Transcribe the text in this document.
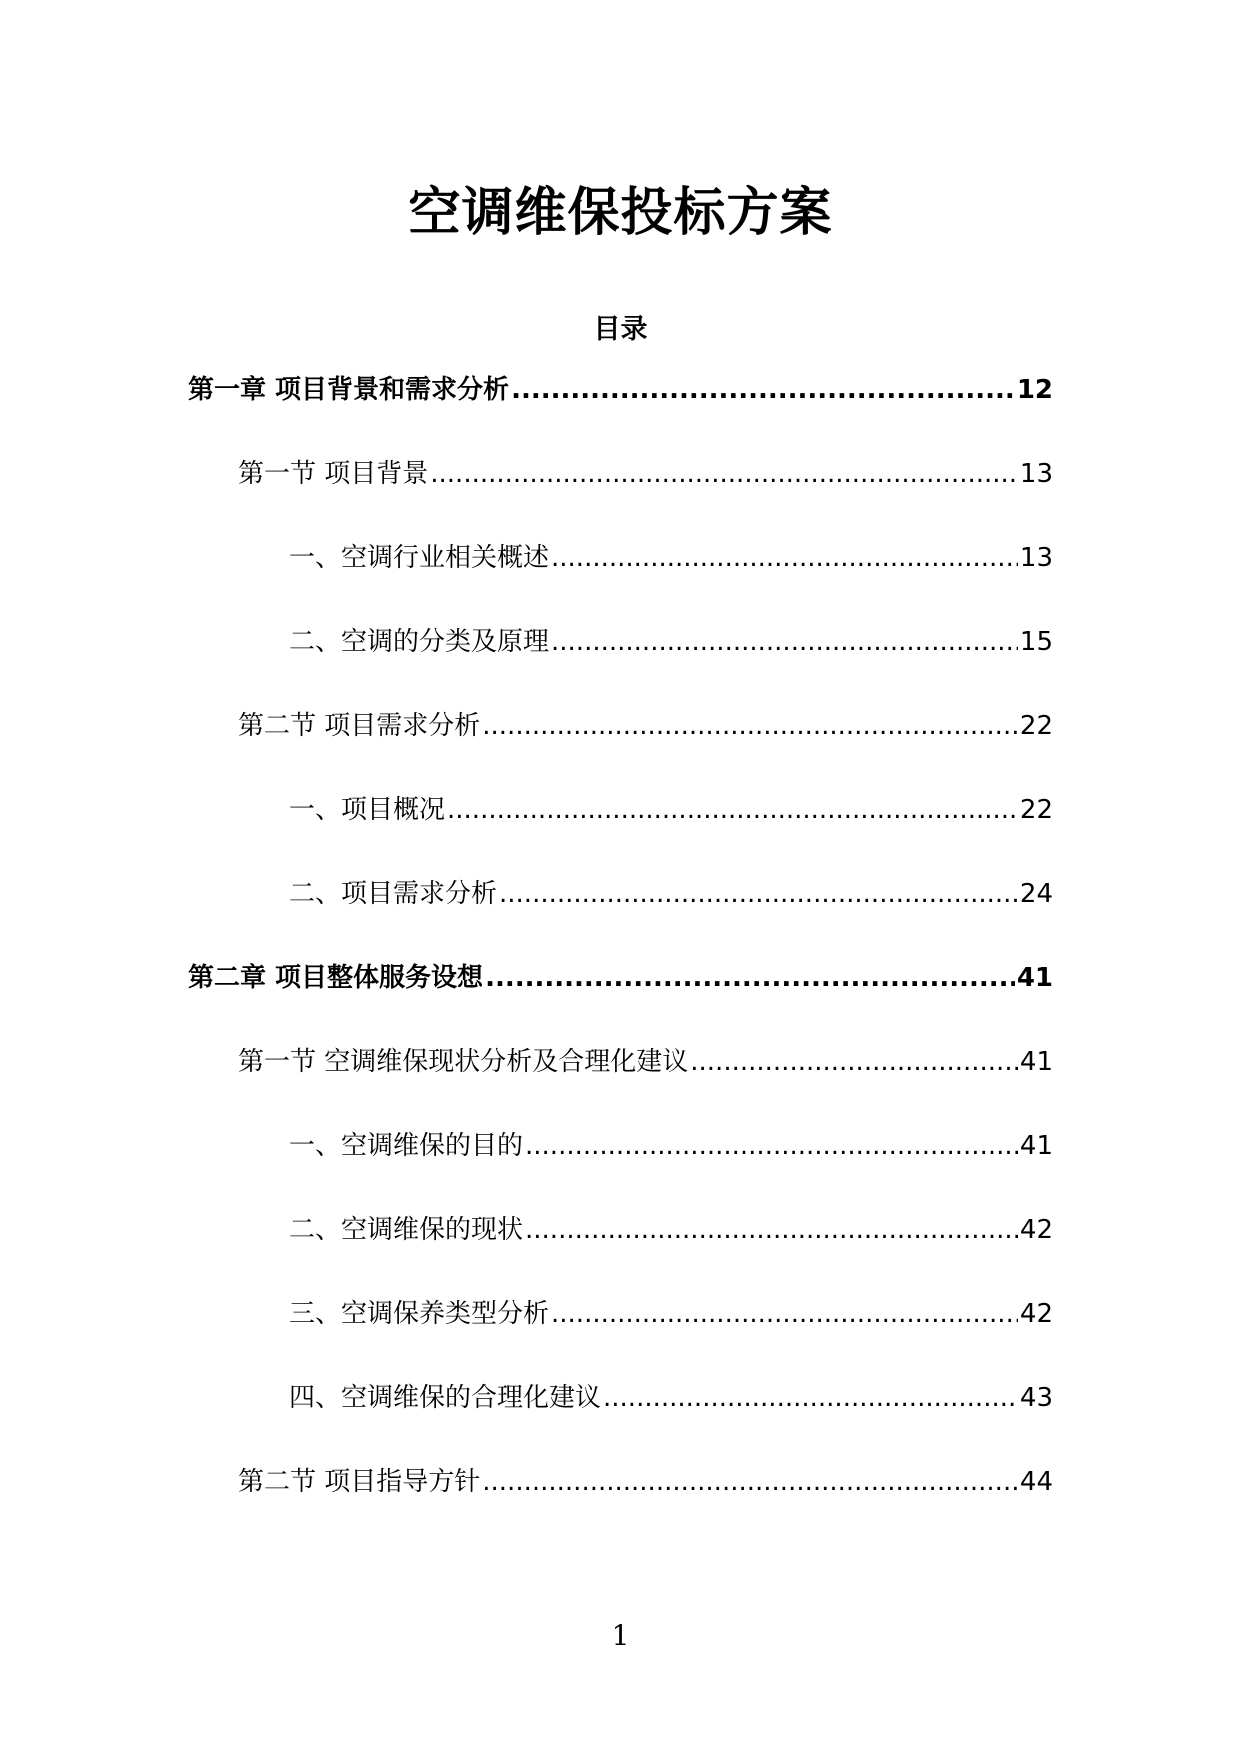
空调维保投标方案
目录
第一章 项目背景和需求分析 .....	12
第一节 项目背景 .....	13
一、空调行业相关概述 .....	13
二、空调的分类及原理 .....	15
第二节 项目需求分析 .....	22
一、项目概况 .....	22
二、项目需求分析 .....	24
第二章 项目整体服务设想 .....	41
第一节 空调维保现状分析及合理化建议 .....	41
一、空调维保的目的 .....	41
二、空调维保的现状 .....	42
三、空调保养类型分析 .....	42
四、空调维保的合理化建议 .....	43
第二节 项目指导方针 .....	44
1
